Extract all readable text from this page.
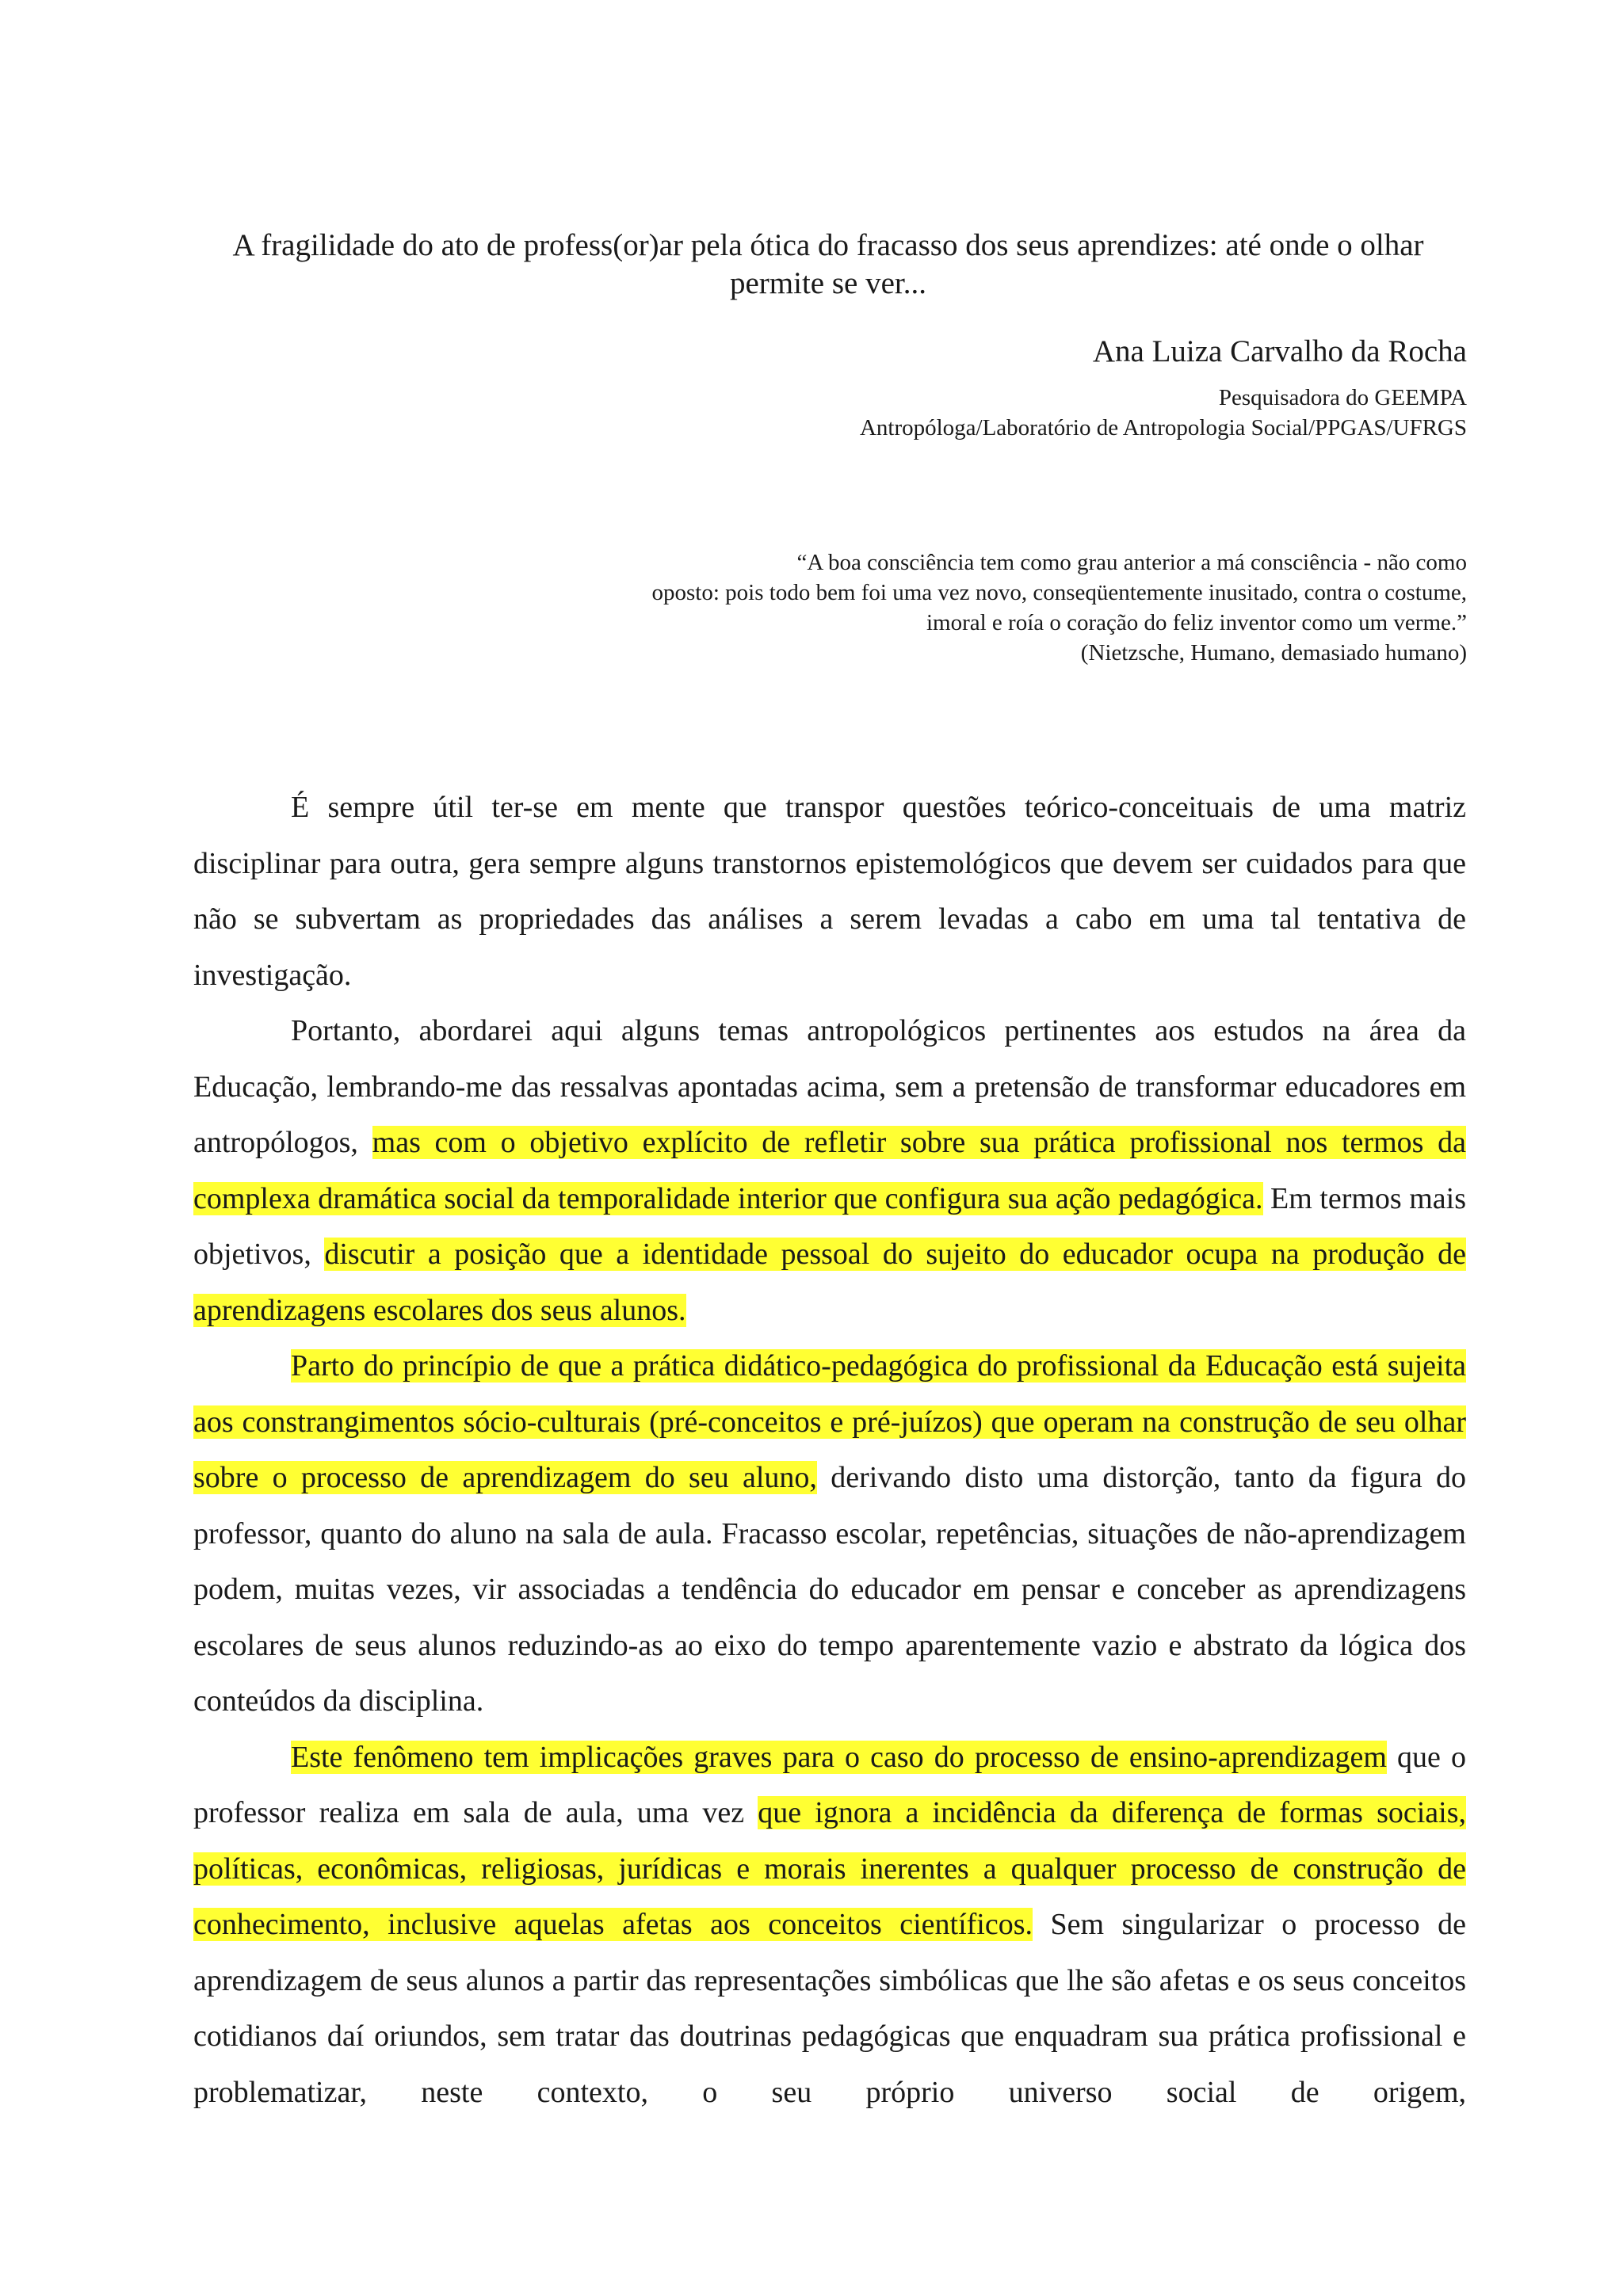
A fragilidade do ato de profess(or)ar pela ótica do fracasso dos seus aprendizes: até onde o olhar permite se ver...
Ana Luiza Carvalho da Rocha
Pesquisadora do GEEMPA
Antropóloga/Laboratório de Antropologia Social/PPGAS/UFRGS
“A boa consciência tem como grau anterior a má consciência - não como
oposto: pois todo bem foi uma vez novo, conseqüentemente inusitado, contra o costume,
imoral e roía o coração do feliz inventor como um verme.”
(Nietzsche, Humano, demasiado humano)

É sempre útil ter-se em mente que transpor questões teórico-conceituais de uma matriz disciplinar para outra, gera sempre alguns transtornos epistemológicos que devem ser cuidados para que não se subvertam as propriedades das análises a serem levadas a cabo em uma tal tentativa de investigação.

Portanto, abordarei aqui alguns temas antropológicos pertinentes aos estudos na área da Educação, lembrando-me das ressalvas apontadas acima, sem a pretensão de transformar educadores em antropólogos, mas com o objetivo explícito de refletir sobre sua prática profissional nos termos da complexa dramática social da temporalidade interior que configura sua ação pedagógica. Em termos mais objetivos, discutir a posição que a identidade pessoal do sujeito do educador ocupa na produção de aprendizagens escolares dos seus alunos.

Parto do princípio de que a prática didático-pedagógica do profissional da Educação está sujeita aos constrangimentos sócio-culturais (pré-conceitos e pré-juízos) que operam na construção de seu olhar sobre o processo de aprendizagem do seu aluno, derivando disto uma distorção, tanto da figura do professor, quanto do aluno na sala de aula. Fracasso escolar, repetências, situações de não-aprendizagem podem, muitas vezes, vir associadas a tendência do educador em pensar e conceber as aprendizagens escolares de seus alunos reduzindo-as ao eixo do tempo aparentemente vazio e abstrato da lógica dos conteúdos da disciplina.

Este fenômeno tem implicações graves para o caso do processo de ensino-aprendizagem que o professor realiza em sala de aula, uma vez que ignora a incidência da diferença de formas sociais, políticas, econômicas, religiosas, jurídicas e morais inerentes a qualquer processo de construção de conhecimento, inclusive aquelas afetas aos conceitos científicos. Sem singularizar o processo de aprendizagem de seus alunos a partir das representações simbólicas que lhe são afetas e os seus conceitos cotidianos daí oriundos, sem tratar das doutrinas pedagógicas que enquadram sua prática profissional e problematizar, neste contexto, o seu próprio universo social de origem,
